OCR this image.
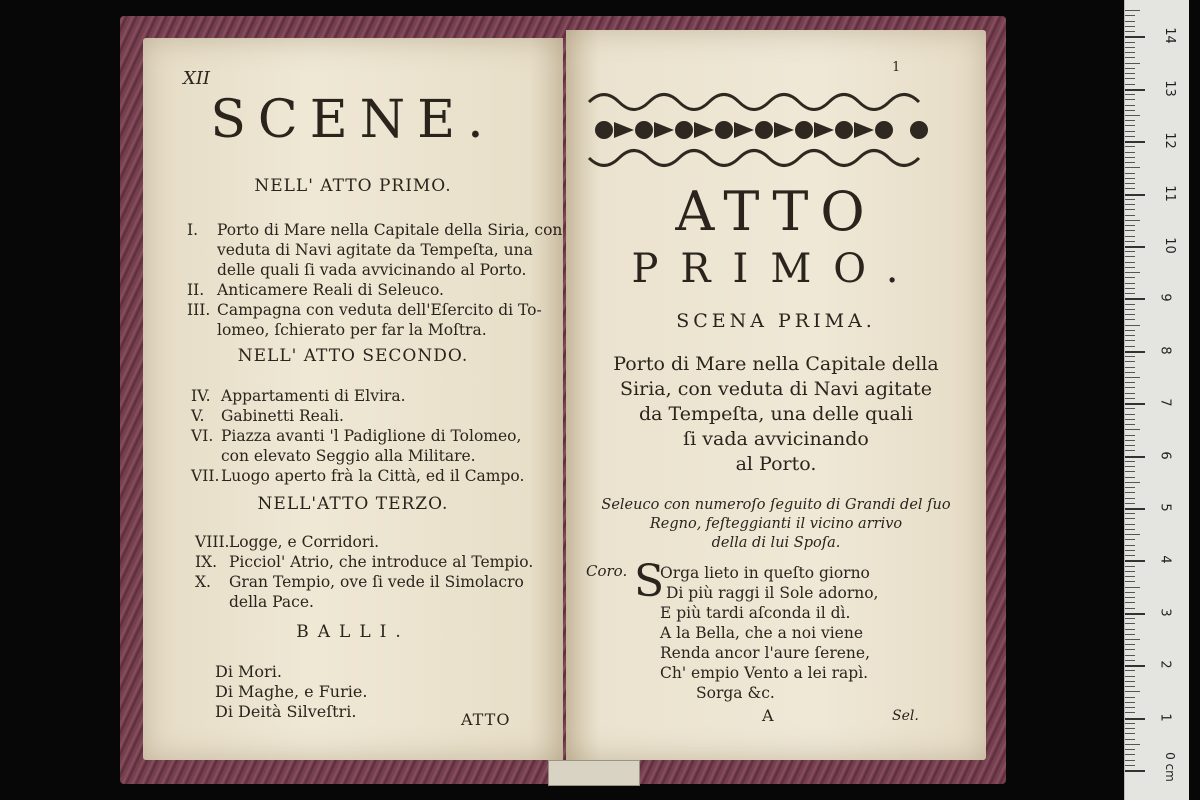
XII
SCENE.
NELL' ATTO PRIMO.
I. Porto di Mare nella Capitale della Siria, con
veduta di Navi agitate da Tempeſta, una
delle quali ſi vada avvicinando al Porto.
II. Anticamere Reali di Seleuco.
III. Campagna con veduta dell'Eſercito di To-
lomeo, ſchierato per far la Moſtra.
NELL' ATTO SECONDO.
IV. Appartamenti di Elvira.
V. Gabinetti Reali.
VI. Piazza avanti 'l Padiglione di Tolomeo,
con elevato Seggio alla Militare.
VII. Luogo aperto frà la Città, ed il Campo.
NELL'ATTO TERZO.
VIII.Logge, e Corridori.
IX. Picciol' Atrio, che introduce al Tempio.
X. Gran Tempio, ove ſi vede il Simolacro
della Pace.
BALLI.
Di Mori.
Di Maghe, e Furie.
Di Deità Silveſtri.	ATTO
1
ATTO
PRIMO.
SCENA PRIMA.
Porto di Mare nella Capitale della
Siria, con veduta di Navi agitate
da Tempeſta, una delle quali
ſi vada avvicinando
al Porto.
Seleuco con numeroſo ſeguito di Grandi del ſuo
Regno, feſteggianti il vicino arrivo
della di lui Spoſa.
Coro. S
Orga lieto in queſto giorno
Di più raggi il Sole adorno,
E più tardi aſconda il dì.
A la Bella, che a noi viene
Renda ancor l'aure ſerene,
Ch' empio Vento a lei rapì.
Sorga &c.
A	Sel.
0 cm
1
2
3
4
5
6
7
8
9
10
11
12
13
14
